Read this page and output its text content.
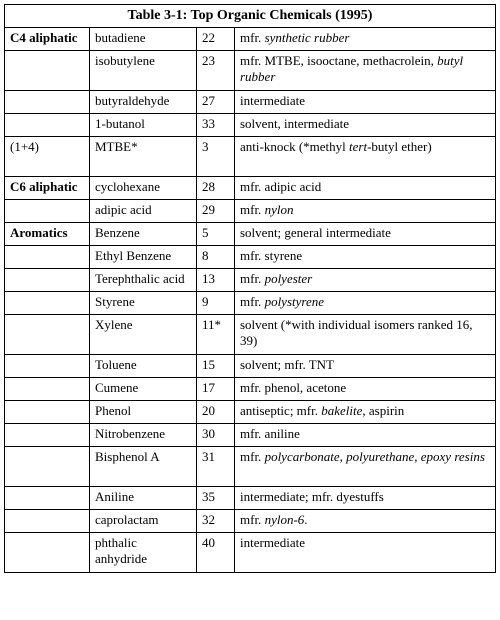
Table 3-1: Top Organic Chemicals (1995)			
C4 aliphatic	butadiene	22	mfr. synthetic rubber
	isobutylene	23	mfr. MTBE, isooctane, methacrolein, butyl rubber
	butyraldehyde	27	intermediate
	1-butanol	33	solvent, intermediate
(1+4)	MTBE*	3	anti-knock (*methyl tert-butyl ether)
C6 aliphatic	cyclohexane	28	mfr. adipic acid
	adipic acid	29	mfr. nylon
Aromatics	Benzene	5	solvent; general intermediate
	Ethyl Benzene	8	mfr. styrene
	Terephthalic acid	13	mfr. polyester
	Styrene	9	mfr. polystyrene
	Xylene	11*	solvent (*with individual isomers ranked 16, 39)
	Toluene	15	solvent; mfr. TNT
	Cumene	17	mfr. phenol, acetone
	Phenol	20	antiseptic; mfr. bakelite, aspirin
	Nitrobenzene	30	mfr. aniline
	Bisphenol A	31	mfr. polycarbonate, polyurethane, epoxy resins
	Aniline	35	intermediate; mfr. dyestuffs
	caprolactam	32	mfr. nylon-6.
	phthalic anhydride	40	intermediate
